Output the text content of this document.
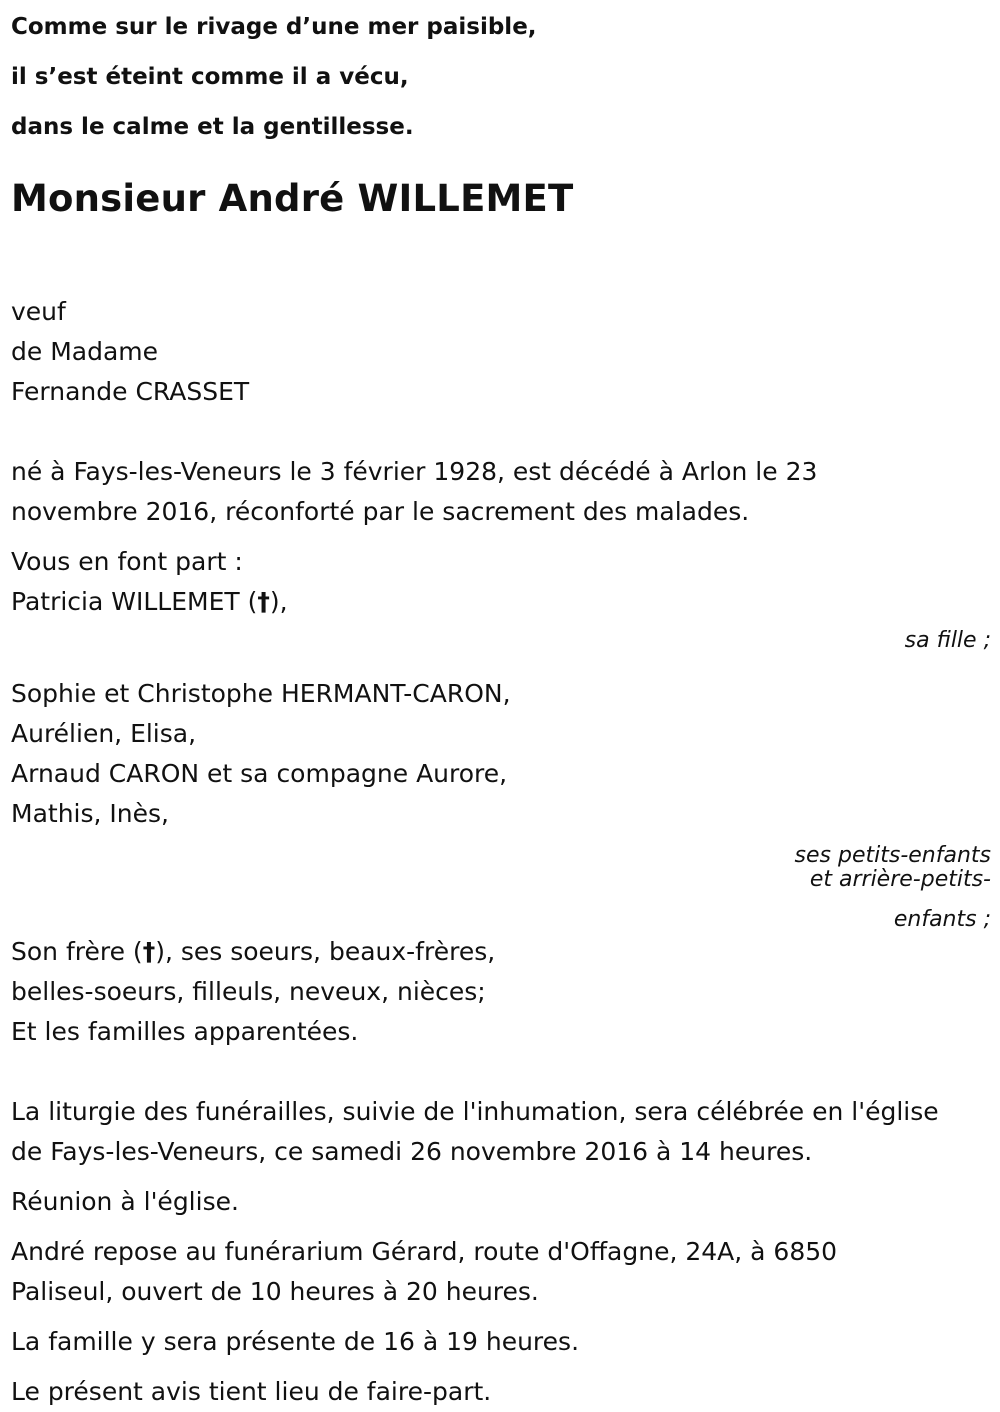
Comme sur le rivage d’une mer paisible,
il s’est éteint comme il a vécu,
dans le calme et la gentillesse.
Monsieur André WILLEMET
veuf
de Madame
Fernande CRASSET
né à Fays-les-Veneurs le 3 février 1928, est décédé à Arlon le 23
novembre 2016, réconforté par le sacrement des malades.
Vous en font part :
Patricia WILLEMET (†),
sa fille ;
Sophie et Christophe HERMANT-CARON,
Aurélien, Elisa,
Arnaud CARON et sa compagne Aurore,
Mathis, Inès,
ses petits-enfants
et arrière-petits-
enfants ;
Son frère (†), ses soeurs, beaux-frères,
belles-soeurs, filleuls, neveux, nièces;
Et les familles apparentées.
La liturgie des funérailles, suivie de l'inhumation, sera célébrée en l'église
de Fays-les-Veneurs, ce samedi 26 novembre 2016 à 14 heures.
Réunion à l'église.
André repose au funérarium Gérard, route d'Offagne, 24A, à 6850
Paliseul, ouvert de 10 heures à 20 heures.
La famille y sera présente de 16 à 19 heures.
Le présent avis tient lieu de faire-part.
